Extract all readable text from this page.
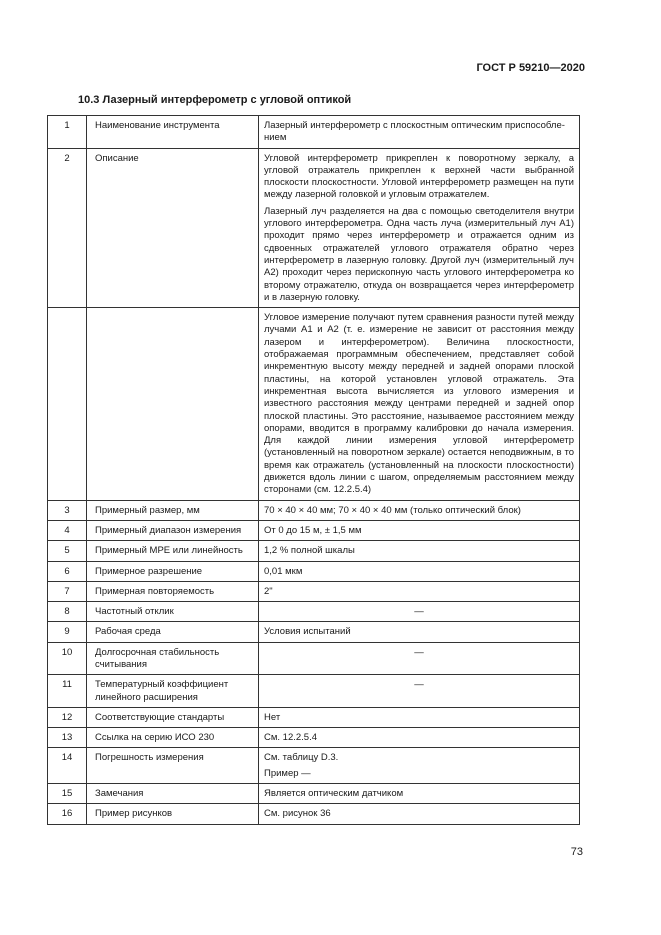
ГОСТ Р 59210—2020
10.3 Лазерный интерферометр с угловой оптикой
1	Наименование инструмента	Лазерный интерферометр с плоскостным оптическим приспособле-нием
2	Описание	Угловой интерферометр прикреплен к поворотному зеркалу, а угловой отражатель прикреплен к верхней части выбранной плоскости плоскостности. Угловой интерферометр размещен на пути между лазерной головкой и угловым отражателем.

Лазерный луч разделяется на два с помощью светоделителя внутри углового интерферометра. Одна часть луча (измерительный луч А1) проходит прямо через интерферометр и отражается одним из сдвоенных отражателей углового отражателя обратно через интерферометр в лазерную головку. Другой луч (измерительный луч А2) проходит через перископную часть углового интерферометра ко второму отражателю, откуда он возвращается через интерферометр и в лазерную головку.

		Угловое измерение получают путем сравнения разности путей между лучами А1 и А2 (т. е. измерение не зависит от расстояния между лазером и интерферометром). Величина плоскостности, отображаемая программным обеспечением, представляет собой инкрементную высоту между передней и задней опорами плоской пластины, на которой установлен угловой отражатель. Эта инкрементная высота вычисляется из углового измерения и известного расстояния между центрами передней и задней опор плоской пластины. Это расстояние, называемое расстоянием между опорами, вводится в программу калибровки до начала измерения. Для каждой линии измерения угловой интерферометр (установленный на поворотном зеркале) остается неподвижным, в то время как отражатель (установленный на плоскости плоскостности) движется вдоль линии с шагом, определяемым расстоянием между сторонами (см. 12.2.5.4)

3	Примерный размер, мм	70 × 40 × 40 мм; 70 × 40 × 40 мм (только оптический блок)
4	Примерный диапазон измерения	От 0 до 15 м, ± 1,5 мм
5	Примерный MPE или линейность	1,2 % полной шкалы
6	Примерное разрешение	0,01 мкм
7	Примерная повторяемость	2"
8	Частотный отклик	—

9	Рабочая среда	Условия испытаний
10	Долгосрочная стабильность считывания	—

11	Температурный коэффициент линейного расширения	—

12	Соответствующие стандарты	Нет
13	Ссылка на серию ИСО 230	См. 12.2.5.4
14	Погрешность измерения	См. таблицу D.3.
Пример —

15	Замечания	Является оптическим датчиком
16	Пример рисунков	См. рисунок 36
73
